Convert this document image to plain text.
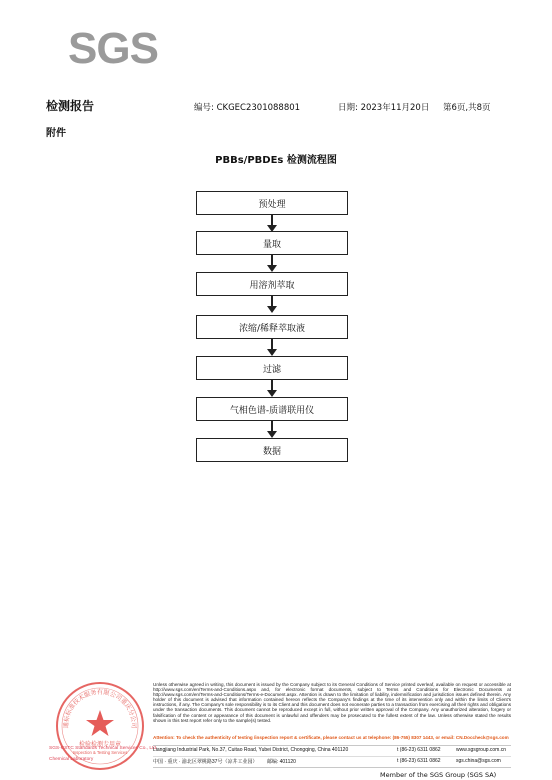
SGS
检测报告	编号: CKGEC2301088801	日期: 2023年11月20日 第6页,共8页
附件
PBBs/PBDEs 检测流程图
预处理
量取
用溶剂萃取
浓缩/稀释萃取液
过滤
气相色谱-质谱联用仪
数据
通标标准技术服务有限公司重庆分公司
检验检测专用章
Inspection & Testing Services
SGS-CSTC Standards Technical Services Co., Ltd.
Chemical Laboratory
Unless otherwise agreed in writing, this document is issued by the Company subject to its General Conditions of Service printed overleaf, available on request or accessible at http://www.sgs.com/en/Terms-and-Conditions.aspx and, for electronic format documents, subject to Terms and Conditions for Electronic Documents at http://www.sgs.com/en/Terms-and-Conditions/Terms-e-Document.aspx. Attention is drawn to the limitation of liability, indemnification and jurisdiction issues defined therein. Any holder of this document is advised that information contained hereon reflects the Company's findings at the time of its intervention only and within the limits of Client's instructions, if any. The Company's sole responsibility is to its Client and this document does not exonerate parties to a transaction from exercising all their rights and obligations under the transaction documents. This document cannot be reproduced except in full, without prior written approval of the Company. Any unauthorized alteration, forgery or falsification of the content or appearance of this document is unlawful and offenders may be prosecuted to the fullest extent of the law. Unless otherwise stated the results shown in this test report refer only to the sample(s) tested.
Attention: To check the authenticity of testing /inspection report & certificate, please contact us at telephone: (86-755) 8307 1443, or email: CN.Doccheck@sgs.com
Liangjiang Industrial Park, No.37, Cuitao Road, Yubei District, Chongqing, China 401120	t (86-23) 6311 0862	www.sgsgroup.com.cn
中国 · 重庆 · 渝北区翠桃路37号（凉井工业园） 邮编: 401120	t (86-23) 6311 0862	sgs.china@sgs.com
Member of the SGS Group (SGS SA)
